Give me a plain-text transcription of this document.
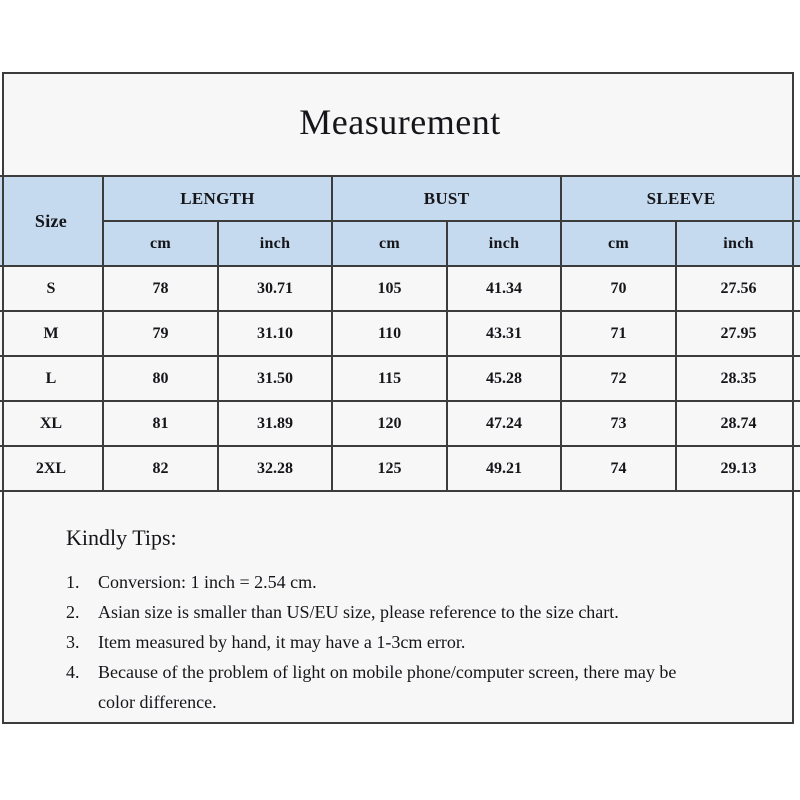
Measurement
Size	LENGTH		BUST		SLEEVE	
	cm	inch	cm	inch	cm	inch
S	78	30.71	105	41.34	70	27.56
M	79	31.10	110	43.31	71	27.95
L	80	31.50	115	45.28	72	28.35
XL	81	31.89	120	47.24	73	28.74
2XL	82	32.28	125	49.21	74	29.13
Kindly Tips:
1.	Conversion: 1 inch = 2.54 cm.
2.	Asian size is smaller than US/EU size, please reference to the size chart.
3.	Item measured by hand, it may have a 1-3cm error.
4.	Because of the problem of light on mobile phone/computer screen, there may be color difference.
